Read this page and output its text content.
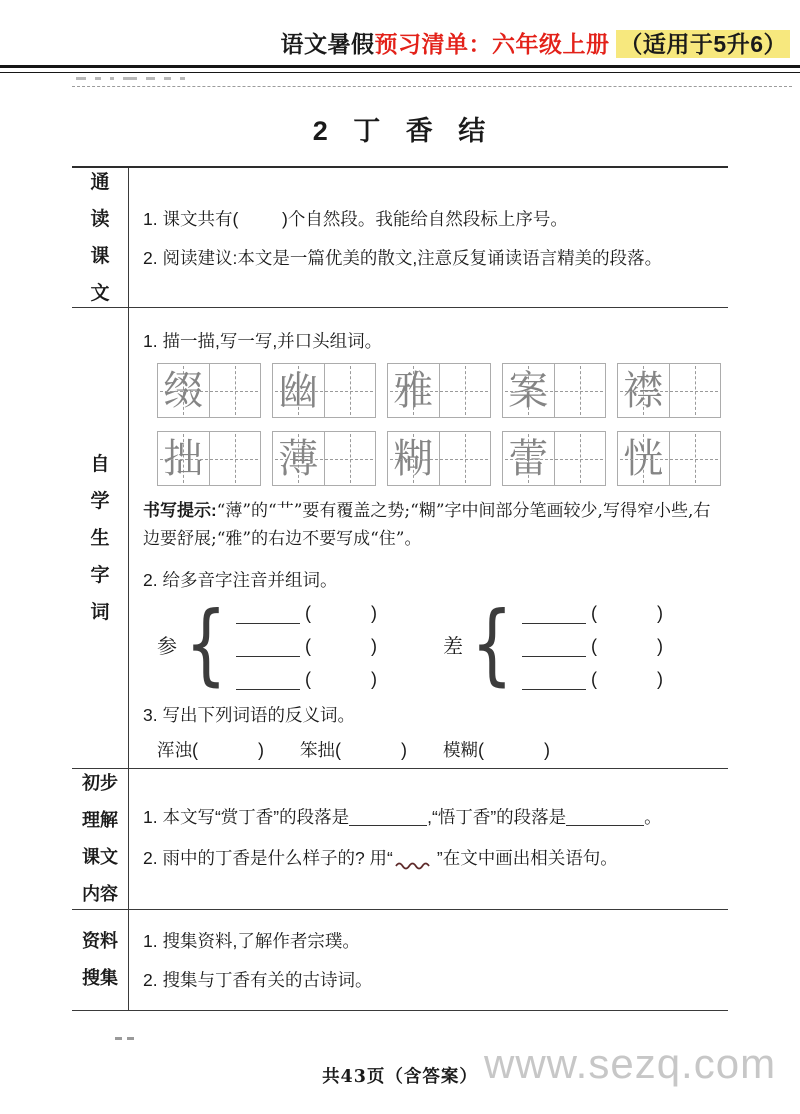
语文暑假预习清单：六年级上册 （适用于5升6）
2 丁 香 结
通
读
课
文
1. 课文共有(         )个自然段。我能给自然段标上序号。
2. 阅读建议:本文是一篇优美的散文,注意反复诵读语言精美的段落。
自
学
生
字
词
1. 描一描,写一写,并口头组词。
缀 幽 雅 案 襟
拙 薄 糊 蕾 恍
书写提示:“薄”的“艹”要有覆盖之势;“糊”字中间部分笔画较少,写得窄小些,右边要舒展;“雅”的右边不要写成“住”。
2. 给多音字注音并组词。
参 {	(            )
(            )
(            )
差 {	(            )
(            )
(            )
3. 写出下列词语的反义词。
浑浊(            ) 笨拙(            ) 模糊(            )
初步
理解
课文
内容
1. 本文写“赏丁香”的段落是	,“悟丁香”的段落是	。
2. 雨中的丁香是什么样子的? 用“	”在文中画出相关语句。
资料
搜集
1. 搜集资料,了解作者宗璞。
2. 搜集与丁香有关的古诗词。
共43页（含答案） www.sezq.com
